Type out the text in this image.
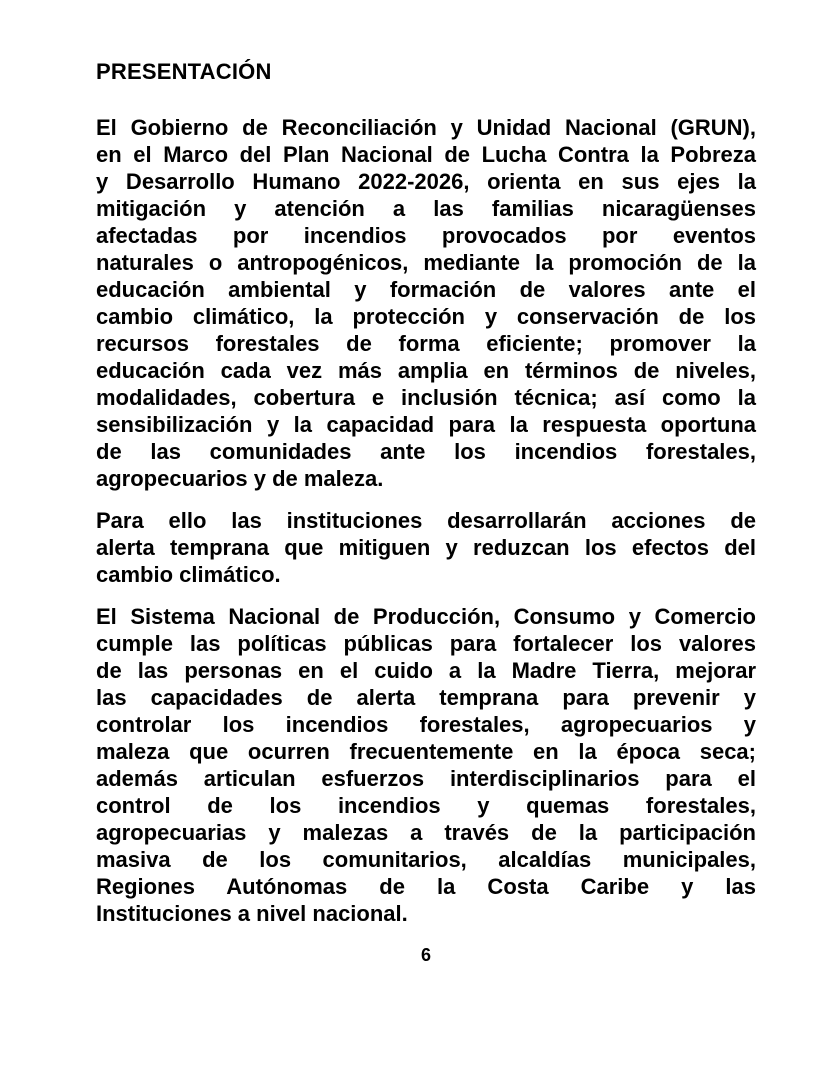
PRESENTACIÓN
El Gobierno de Reconciliación y Unidad Nacional (GRUN),
en el Marco del Plan Nacional de Lucha Contra la Pobreza
y Desarrollo Humano 2022-2026, orienta en sus ejes la
mitigación y atención a las familias nicaragüenses
afectadas por incendios provocados por eventos
naturales o antropogénicos, mediante la promoción de la
educación ambiental y formación de valores ante el
cambio climático, la protección y conservación de los
recursos forestales de forma eficiente; promover la
educación cada vez más amplia en términos de niveles,
modalidades, cobertura e inclusión técnica; así como la
sensibilización y la capacidad para la respuesta oportuna
de las comunidades ante los incendios forestales,
agropecuarios y de maleza.
Para ello las instituciones desarrollarán acciones de
alerta temprana que mitiguen y reduzcan los efectos del
cambio climático.
El Sistema Nacional de Producción, Consumo y Comercio
cumple las políticas públicas para fortalecer los valores
de las personas en el cuido a la Madre Tierra, mejorar
las capacidades de alerta temprana para prevenir y
controlar los incendios forestales, agropecuarios y
maleza que ocurren frecuentemente en la época seca;
además articulan esfuerzos interdisciplinarios para el
control de los incendios y quemas forestales,
agropecuarias y malezas a través de la participación
masiva de los comunitarios, alcaldías municipales,
Regiones Autónomas de la Costa Caribe y las
Instituciones a nivel nacional.
6
